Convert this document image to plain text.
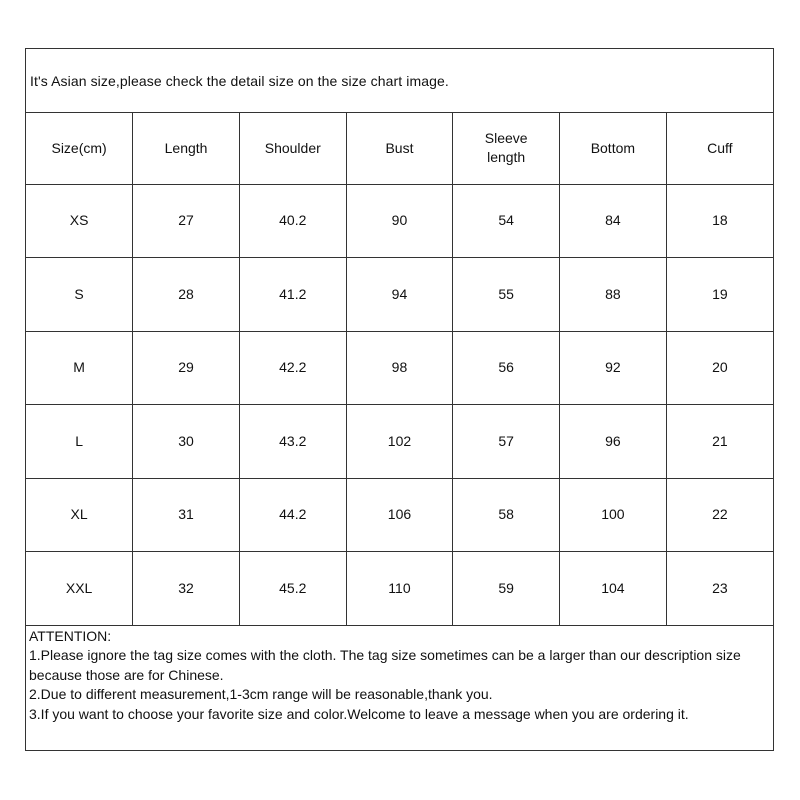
It's Asian size,please check the detail size on the size chart image.
Size(cm)	Length	Shoulder	Bust	Sleeve length	Bottom	Cuff
XS	27	40.2	90	54	84	18
S	28	41.2	94	55	88	19
M	29	42.2	98	56	92	20
L	30	43.2	102	57	96	21
XL	31	44.2	106	58	100	22
XXL	32	45.2	110	59	104	23

ATTENTION:

1.Please ignore the tag size comes with the cloth. The tag size sometimes can be a larger than our description size because those are for Chinese.

2.Due to different measurement,1-3cm range will be reasonable,thank you.

3.If you want to choose your favorite size and color.Welcome to leave a message when you are ordering it.
